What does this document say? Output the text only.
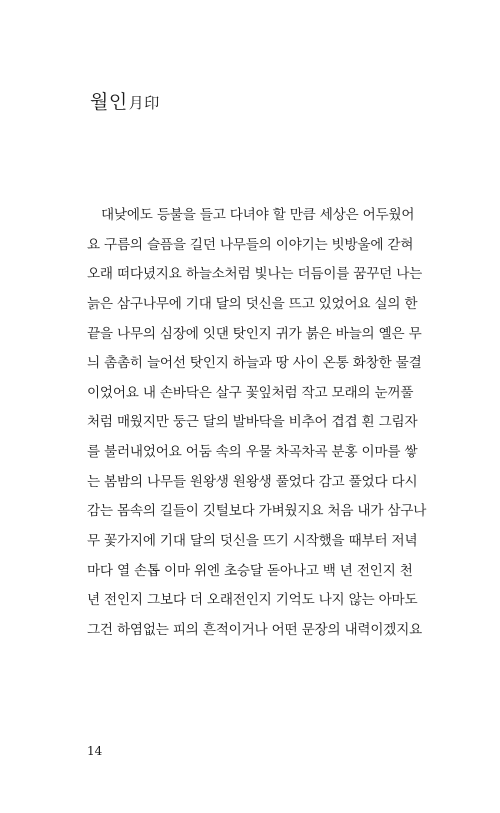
월인月印
대낮에도 등불을 들고 다녀야 할 만큼 세상은 어두웠어
요 구름의 슬픔을 길던 나무들의 이야기는 빗방울에 갇혀
오래 떠다녔지요 하늘소처럼 빛나는 더듬이를 꿈꾸던 나는
늙은 삼구나무에 기대 달의 덧신을 뜨고 있었어요 실의 한
끝을 나무의 심장에 잇댄 탓인지 귀가 붉은 바늘의 옐은 무
늬 촘촘히 늘어선 탓인지 하늘과 땅 사이 온통 화창한 물결
이었어요 내 손바닥은 살구 꽃잎처럼 작고 모래의 눈꺼풀
처럼 매웠지만 둥근 달의 발바닥을 비추어 겹겹 흰 그림자
를 불러내었어요 어둠 속의 우물 차곡차곡 분홍 이마를 쌓
는 봄밤의 나무들 원왕생 원왕생 풀었다 감고 풀었다 다시
감는 몸속의 길들이 깃털보다 가벼웠지요 처음 내가 삼구나
무 꽃가지에 기대 달의 덧신을 뜨기 시작했을 때부터 저녁
마다 열 손톱 이마 위엔 초승달 돋아나고 백 년 전인지 천
년 전인지 그보다 더 오래전인지 기억도 나지 않는 아마도
그건 하염없는 피의 흔적이거나 어떤 문장의 내력이겠지요
14
